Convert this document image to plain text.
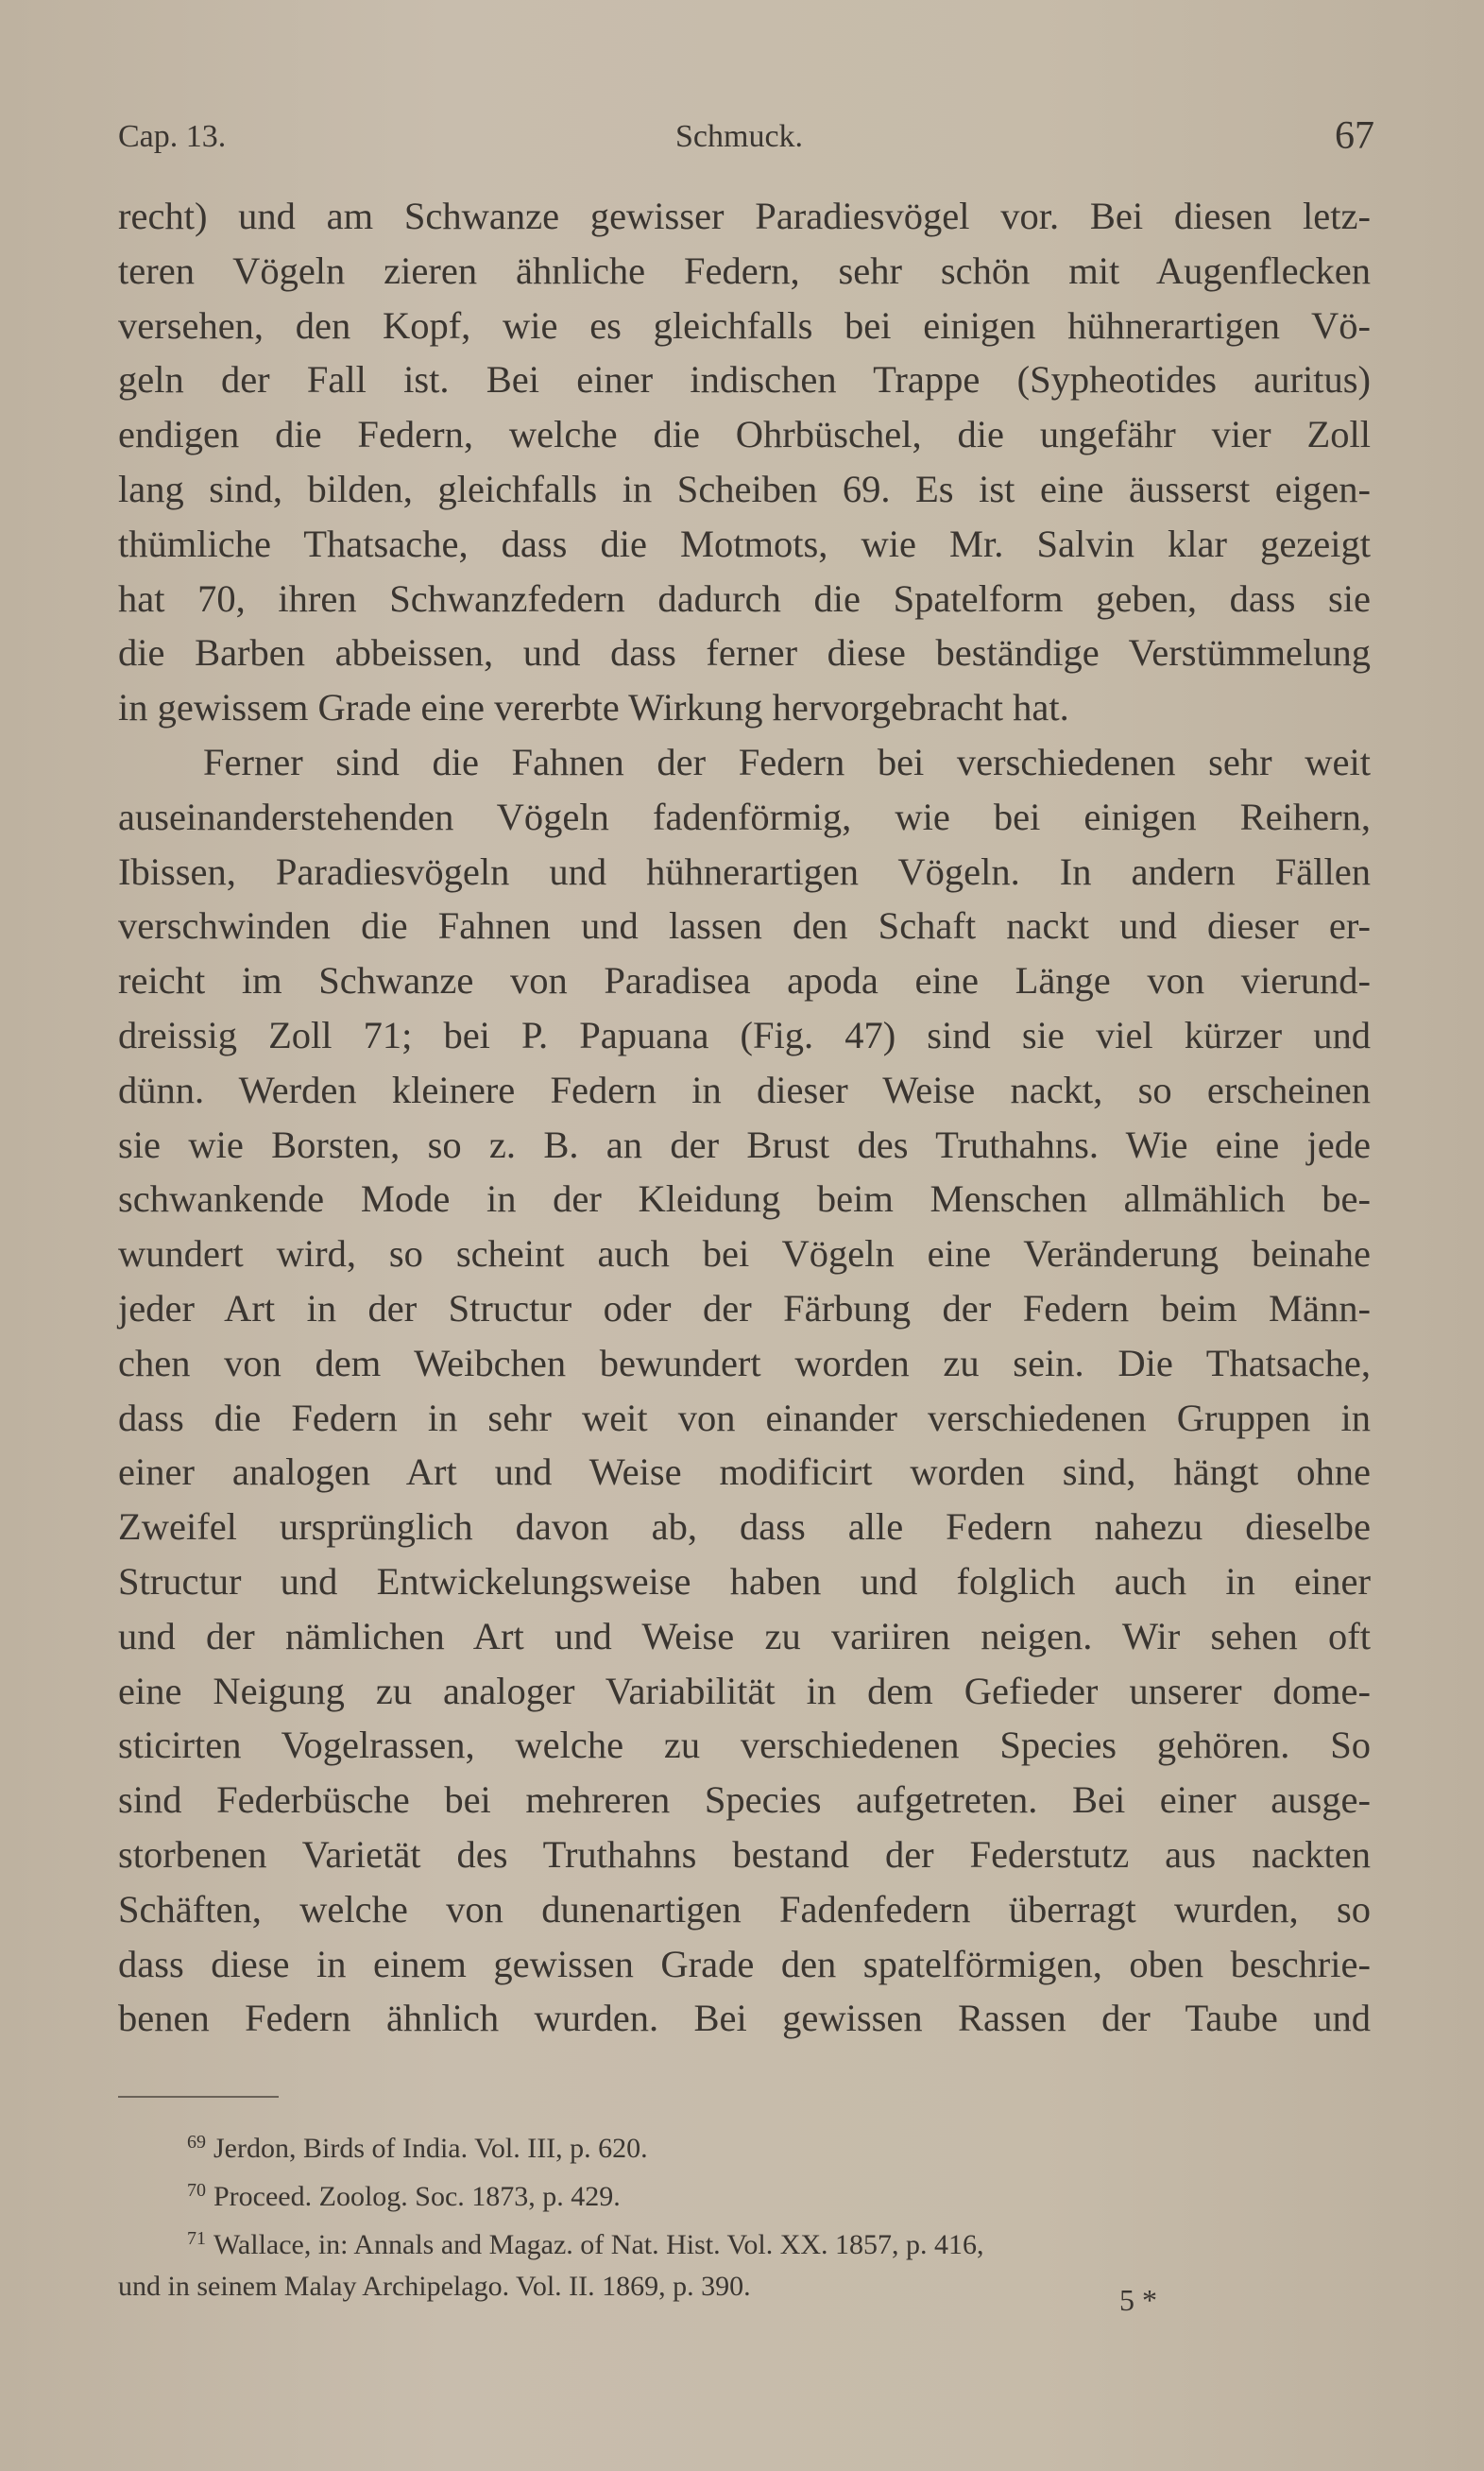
Cap. 13.	Schmuck.	67
recht) und am Schwanze gewisser Paradiesvögel vor. Bei diesen letz-
teren Vögeln zieren ähnliche Federn, sehr schön mit Augenflecken
versehen, den Kopf, wie es gleichfalls bei einigen hühnerartigen Vö-
geln der Fall ist. Bei einer indischen Trappe (Sypheotides auritus)
endigen die Federn, welche die Ohrbüschel, die ungefähr vier Zoll
lang sind, bilden, gleichfalls in Scheiben 69. Es ist eine äusserst eigen-
thümliche Thatsache, dass die Motmots, wie Mr. Salvin klar gezeigt
hat 70, ihren Schwanzfedern dadurch die Spatelform geben, dass sie
die Barben abbeissen, und dass ferner diese beständige Verstümmelung
in gewissem Grade eine vererbte Wirkung hervorgebracht hat.
Ferner sind die Fahnen der Federn bei verschiedenen sehr weit
auseinanderstehenden Vögeln fadenförmig, wie bei einigen Reihern,
Ibissen, Paradiesvögeln und hühnerartigen Vögeln. In andern Fällen
verschwinden die Fahnen und lassen den Schaft nackt und dieser er-
reicht im Schwanze von Paradisea apoda eine Länge von vierund-
dreissig Zoll 71; bei P. Papuana (Fig. 47) sind sie viel kürzer und
dünn. Werden kleinere Federn in dieser Weise nackt, so erscheinen
sie wie Borsten, so z. B. an der Brust des Truthahns. Wie eine jede
schwankende Mode in der Kleidung beim Menschen allmählich be-
wundert wird, so scheint auch bei Vögeln eine Veränderung beinahe
jeder Art in der Structur oder der Färbung der Federn beim Männ-
chen von dem Weibchen bewundert worden zu sein. Die Thatsache,
dass die Federn in sehr weit von einander verschiedenen Gruppen in
einer analogen Art und Weise modificirt worden sind, hängt ohne
Zweifel ursprünglich davon ab, dass alle Federn nahezu dieselbe
Structur und Entwickelungsweise haben und folglich auch in einer
und der nämlichen Art und Weise zu variiren neigen. Wir sehen oft
eine Neigung zu analoger Variabilität in dem Gefieder unserer dome-
sticirten Vogelrassen, welche zu verschiedenen Species gehören. So
sind Federbüsche bei mehreren Species aufgetreten. Bei einer ausge-
storbenen Varietät des Truthahns bestand der Federstutz aus nackten
Schäften, welche von dunenartigen Fadenfedern überragt wurden, so
dass diese in einem gewissen Grade den spatelförmigen, oben beschrie-
benen Federn ähnlich wurden. Bei gewissen Rassen der Taube und
$^{69}$ Jerdon, Birds of India. Vol. III, p. 620.
$^{70}$ Proceed. Zoolog. Soc. 1873, p. 429.
$^{71}$ Wallace, in: Annals and Magaz. of Nat. Hist. Vol. XX. 1857, p. 416,
und in seinem Malay Archipelago. Vol. II. 1869, p. 390.	5 *
